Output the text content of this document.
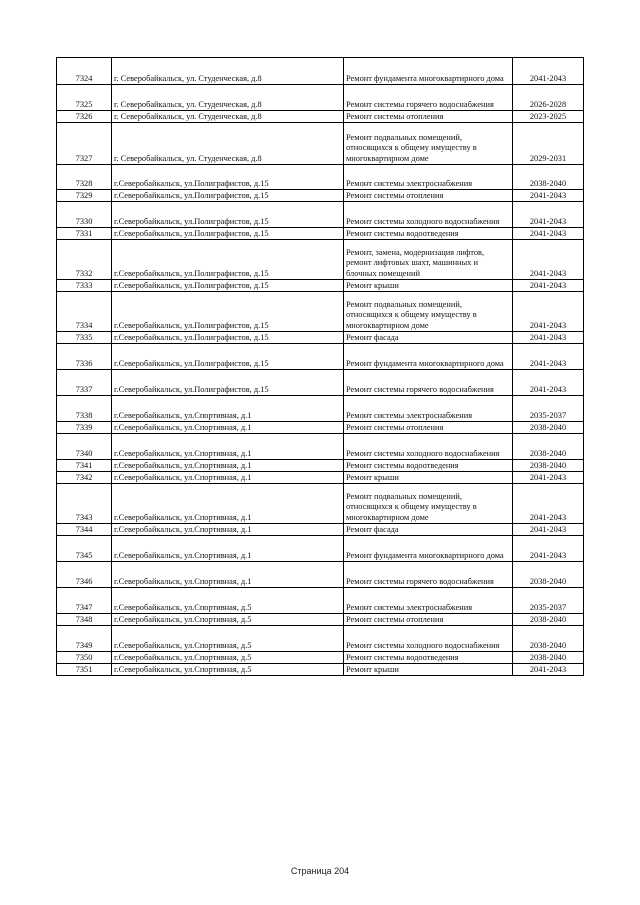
7324	г. Северобайкальск, ул. Студенческая, д.8	Ремонт фундамента многоквартирного дома	2041-2043
7325	г. Северобайкальск, ул. Студенческая, д.8	Ремонт системы горячего водоснабжения	2026-2028
7326	г. Северобайкальск, ул. Студенческая, д.8	Ремонт системы отопления	2023-2025
7327	г. Северобайкальск, ул. Студенческая, д.8	Ремонт подвальных помещений, относящихся к общему имуществу в многоквартирном доме	2029-2031
7328	г.Северобайкальск, ул.Полиграфистов, д.15	Ремонт системы электроснабжения	2038-2040
7329	г.Северобайкальск, ул.Полиграфистов, д.15	Ремонт системы отопления	2041-2043
7330	г.Северобайкальск, ул.Полиграфистов, д.15	Ремонт системы холодного водоснабжения	2041-2043
7331	г.Северобайкальск, ул.Полиграфистов, д.15	Ремонт системы водоотведения	2041-2043
7332	г.Северобайкальск, ул.Полиграфистов, д.15	Ремонт, замена, модернизация лифтов, ремонт лифтовых шахт, машинных и блочных помещений	2041-2043
7333	г.Северобайкальск, ул.Полиграфистов, д.15	Ремонт крыши	2041-2043
7334	г.Северобайкальск, ул.Полиграфистов, д.15	Ремонт подвальных помещений, относящихся к общему имуществу в многоквартирном доме	2041-2043
7335	г.Северобайкальск, ул.Полиграфистов, д.15	Ремонт фасада	2041-2043
7336	г.Северобайкальск, ул.Полиграфистов, д.15	Ремонт фундамента многоквартирного дома	2041-2043
7337	г.Северобайкальск, ул.Полиграфистов, д.15	Ремонт системы горячего водоснабжения	2041-2043
7338	г.Северобайкальск, ул.Спортивная, д.1	Ремонт системы электроснабжения	2035-2037
7339	г.Северобайкальск, ул.Спортивная, д.1	Ремонт системы отопления	2038-2040
7340	г.Северобайкальск, ул.Спортивная, д.1	Ремонт системы холодного водоснабжения	2038-2040
7341	г.Северобайкальск, ул.Спортивная, д.1	Ремонт системы водоотведения	2038-2040
7342	г.Северобайкальск, ул.Спортивная, д.1	Ремонт крыши	2041-2043
7343	г.Северобайкальск, ул.Спортивная, д.1	Ремонт подвальных помещений, относящихся к общему имуществу в многоквартирном доме	2041-2043
7344	г.Северобайкальск, ул.Спортивная, д.1	Ремонт фасада	2041-2043
7345	г.Северобайкальск, ул.Спортивная, д.1	Ремонт фундамента многоквартирного дома	2041-2043
7346	г.Северобайкальск, ул.Спортивная, д.1	Ремонт системы горячего водоснабжения	2038-2040
7347	г.Северобайкальск, ул.Спортивная, д.5	Ремонт системы электроснабжения	2035-2037
7348	г.Северобайкальск, ул.Спортивная, д.5	Ремонт системы отопления	2038-2040
7349	г.Северобайкальск, ул.Спортивная, д.5	Ремонт системы холодного водоснабжения	2038-2040
7350	г.Северобайкальск, ул.Спортивная, д.5	Ремонт системы водоотведения	2038-2040
7351	г.Северобайкальск, ул.Спортивная, д.5	Ремонт крыши	2041-2043
Страница 204
